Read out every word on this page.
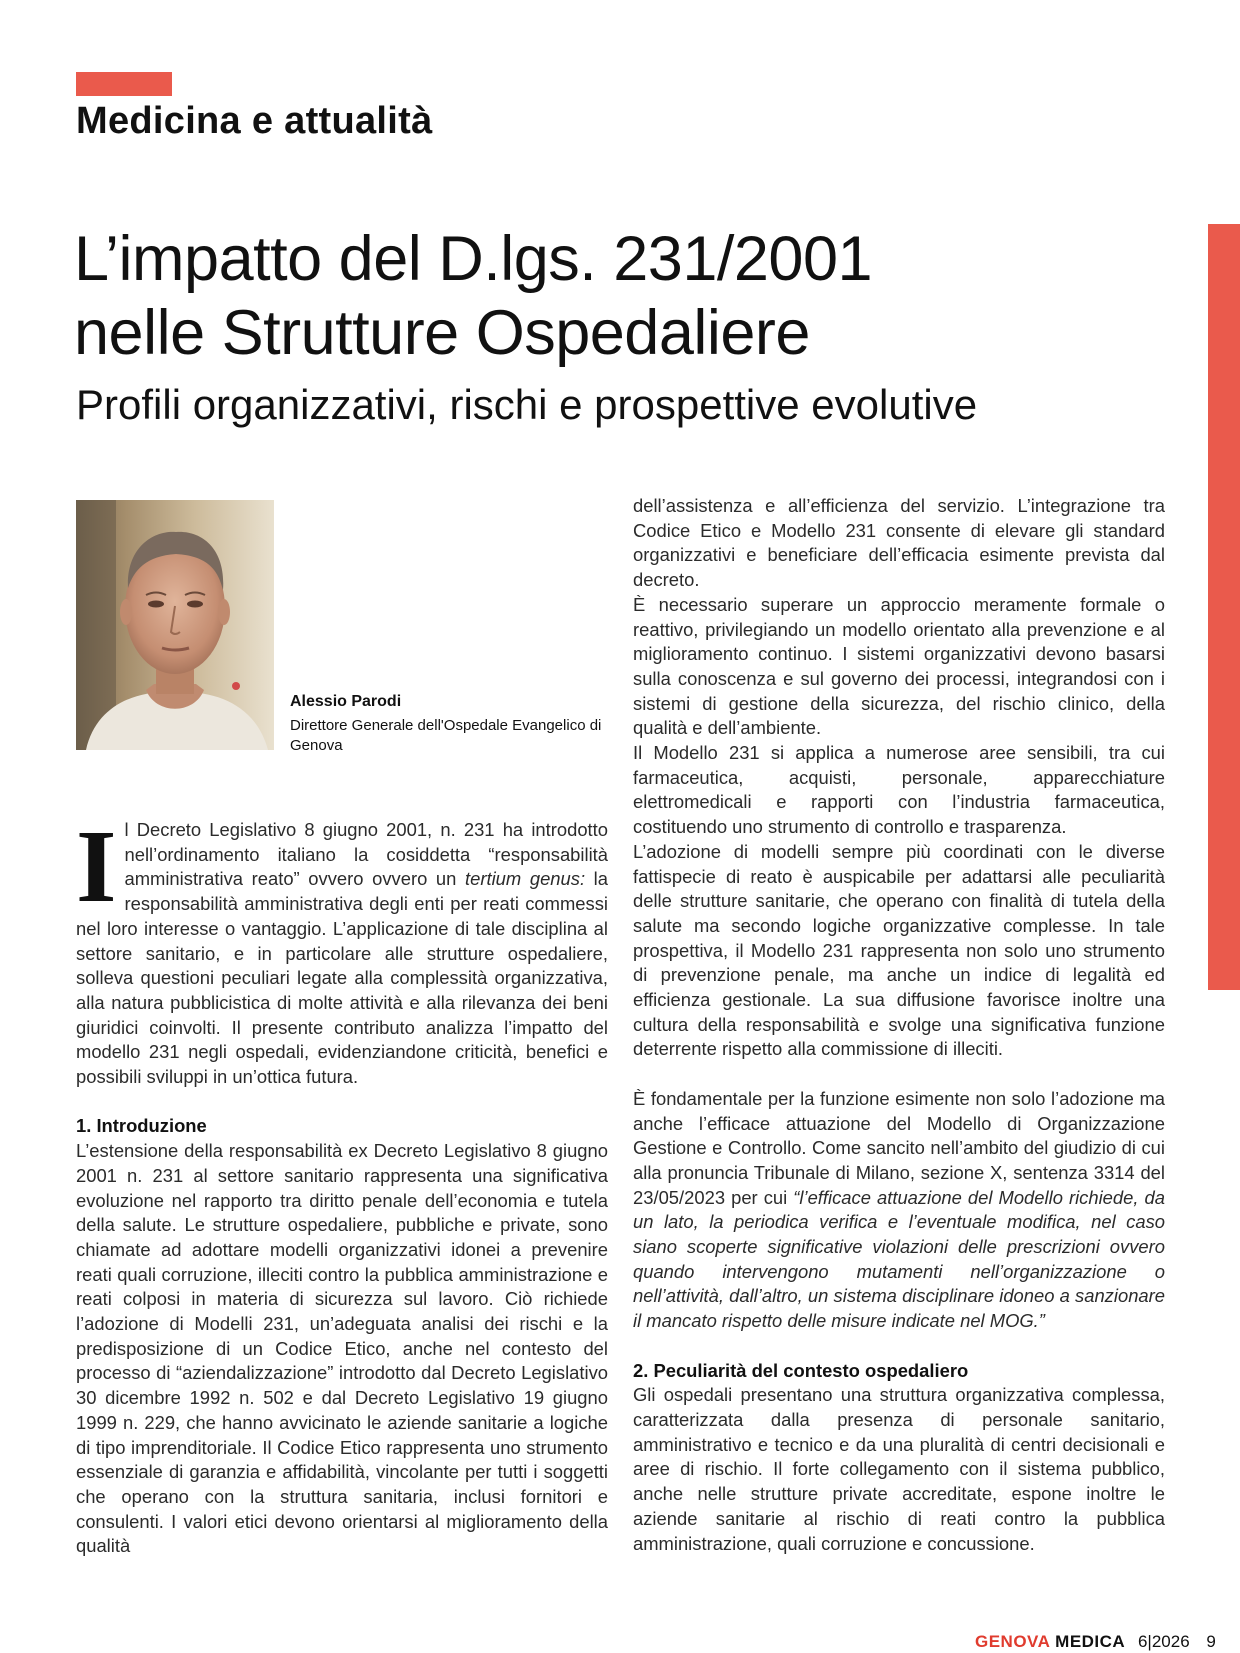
Medicina e attualità
L’impatto del D.lgs. 231/2001
nelle Strutture Ospedaliere
Profili organizzativi, rischi e prospettive evolutive
Alessio Parodi
Direttore Generale dell'Ospedale Evangelico di Genova

Il Decreto Legislativo 8 giugno 2001, n. 231 ha introdotto nell’ordinamento italiano la cosiddetta “responsabilità amministrativa reato” ovvero ovvero un tertium genus: la responsabilità amministrativa degli enti per reati commessi nel loro interesse o vantaggio. L’applicazione di tale disciplina al settore sanitario, e in particolare alle strutture ospedaliere, solleva questioni peculiari legate alla complessità organizzativa, alla natura pubblicistica di molte attività e alla rilevanza dei beni giuridici coinvolti. Il presente contributo analizza l’impatto del modello 231 negli ospedali, evidenziandone criticità, benefici e possibili sviluppi in un’ottica futura.

1. Introduzione

L’estensione della responsabilità ex Decreto Legislativo 8 giugno 2001 n. 231 al settore sanitario rappresenta una significativa evoluzione nel rapporto tra diritto penale dell’economia e tutela della salute. Le strutture ospedaliere, pubbliche e private, sono chiamate ad adottare modelli organizzativi idonei a prevenire reati quali corruzione, illeciti contro la pubblica amministrazione e reati colposi in materia di sicurezza sul lavoro. Ciò richiede l’adozione di Modelli 231, un’adeguata analisi dei rischi e la predisposizione di un Codice Etico, anche nel contesto del processo di “aziendalizzazione” introdotto dal Decreto Legislativo 30 dicembre 1992 n. 502 e dal Decreto Legislativo 19 giugno 1999 n. 229, che hanno avvicinato le aziende sanitarie a logiche di tipo imprenditoriale. Il Codice Etico rappresenta uno strumento essenziale di garanzia e affidabilità, vincolante per tutti i soggetti che operano con la struttura sanitaria, inclusi fornitori e consulenti. I valori etici devono orientarsi al miglioramento della qualità

dell’assistenza e all’efficienza del servizio. L’integrazione tra Codice Etico e Modello 231 consente di elevare gli standard organizzativi e beneficiare dell’efficacia esimente prevista dal decreto.

È necessario superare un approccio meramente formale o reattivo, privilegiando un modello orientato alla prevenzione e al miglioramento continuo. I sistemi organizzativi devono basarsi sulla conoscenza e sul governo dei processi, integrandosi con i sistemi di gestione della sicurezza, del rischio clinico, della qualità e dell’ambiente.

Il Modello 231 si applica a numerose aree sensibili, tra cui farmaceutica, acquisti, personale, apparecchiature elettromedicali e rapporti con l’industria farmaceutica, costituendo uno strumento di controllo e trasparenza.

L’adozione di modelli sempre più coordinati con le diverse fattispecie di reato è auspicabile per adattarsi alle peculiarità delle strutture sanitarie, che operano con finalità di tutela della salute ma secondo logiche organizzative complesse. In tale prospettiva, il Modello 231 rappresenta non solo uno strumento di prevenzione penale, ma anche un indice di legalità ed efficienza gestionale. La sua diffusione favorisce inoltre una cultura della responsabilità e svolge una significativa funzione deterrente rispetto alla commissione di illeciti.

È fondamentale per la funzione esimente non solo l’adozione ma anche l’efficace attuazione del Modello di Organizzazione Gestione e Controllo. Come sancito nell’ambito del giudizio di cui alla pronuncia Tribunale di Milano, sezione X, sentenza 3314 del 23/05/2023 per cui “l’efficace attuazione del Modello richiede, da un lato, la periodica verifica e l’eventuale modifica, nel caso siano scoperte significative violazioni delle prescrizioni ovvero quando intervengono mutamenti nell’organizzazione o nell’attività, dall’altro, un sistema disciplinare idoneo a sanzionare il mancato rispetto delle misure indicate nel MOG.”

2. Peculiarità del contesto ospedaliero

Gli ospedali presentano una struttura organizzativa complessa, caratterizzata dalla presenza di personale sanitario, amministrativo e tecnico e da una pluralità di centri decisionali e aree di rischio. Il forte collegamento con il sistema pubblico, anche nelle strutture private accreditate, espone inoltre le aziende sanitarie al rischio di reati contro la pubblica amministrazione, quali corruzione e concussione.

GENOVA MEDICA 6|2026 9
